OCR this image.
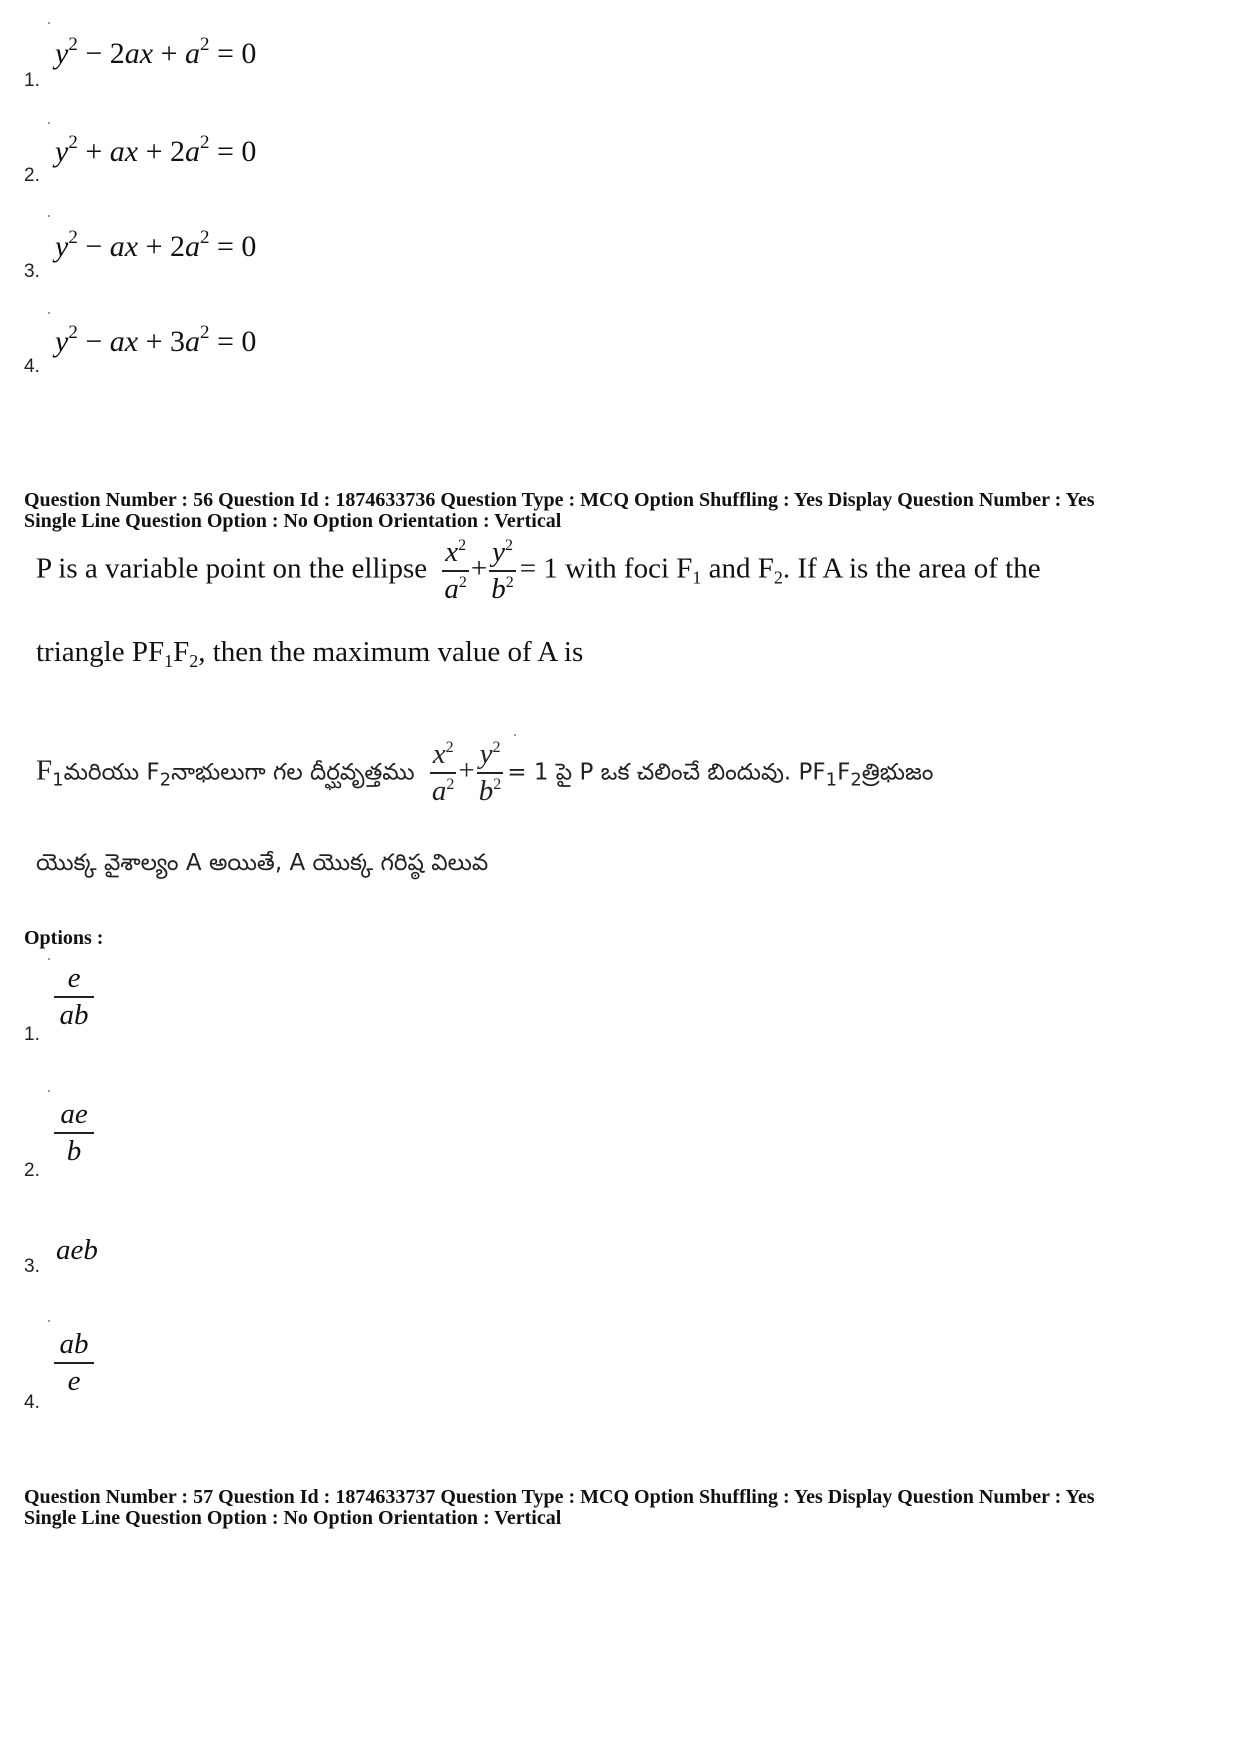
$y^2 - 2ax + a^2 = 0$
1.
$y^2$ + ax + $2a^2 = 0$
2.
$y^2$ − ax + $2a^2 = 0$
3.
$y^2$ − ax + $3a^2 = 0$
4.
Question Number : 56 Question Id : 1874633736 Question Type : MCQ Option Shuffling : Yes Display Question Number : Yes
Single Line Question Option : No Option Orientation : Vertical
P is a variable point on the ellipse $\frac{x^2}{a^2} + \frac{y^2}{b^2} = 1$ with foci $F_1$ and $F_2$. If A is the area of the
triangle $PF_1F_2$, then the maximum value of A is
$F_1మరియు$ $F_2నాభులుగా$ గల దీర్ఘవృత్తము $\frac{x^2}{a^2} + \frac{y^2}{b^2} = 1$ పై P ఒక చలించే బిందువు. $PF_1F_2త్రిభుజం$
యొక్క వైశాల్యం A అయితే, A యొక్క గరిష్ఠ విలువ
Options :
$\frac{e}{ab}$
1.
$\frac{ae}{b}$
2.
aeb
3.
$\frac{ab}{e}$
4.
Question Number : 57 Question Id : 1874633737 Question Type : MCQ Option Shuffling : Yes Display Question Number : Yes
Single Line Question Option : No Option Orientation : Vertical
